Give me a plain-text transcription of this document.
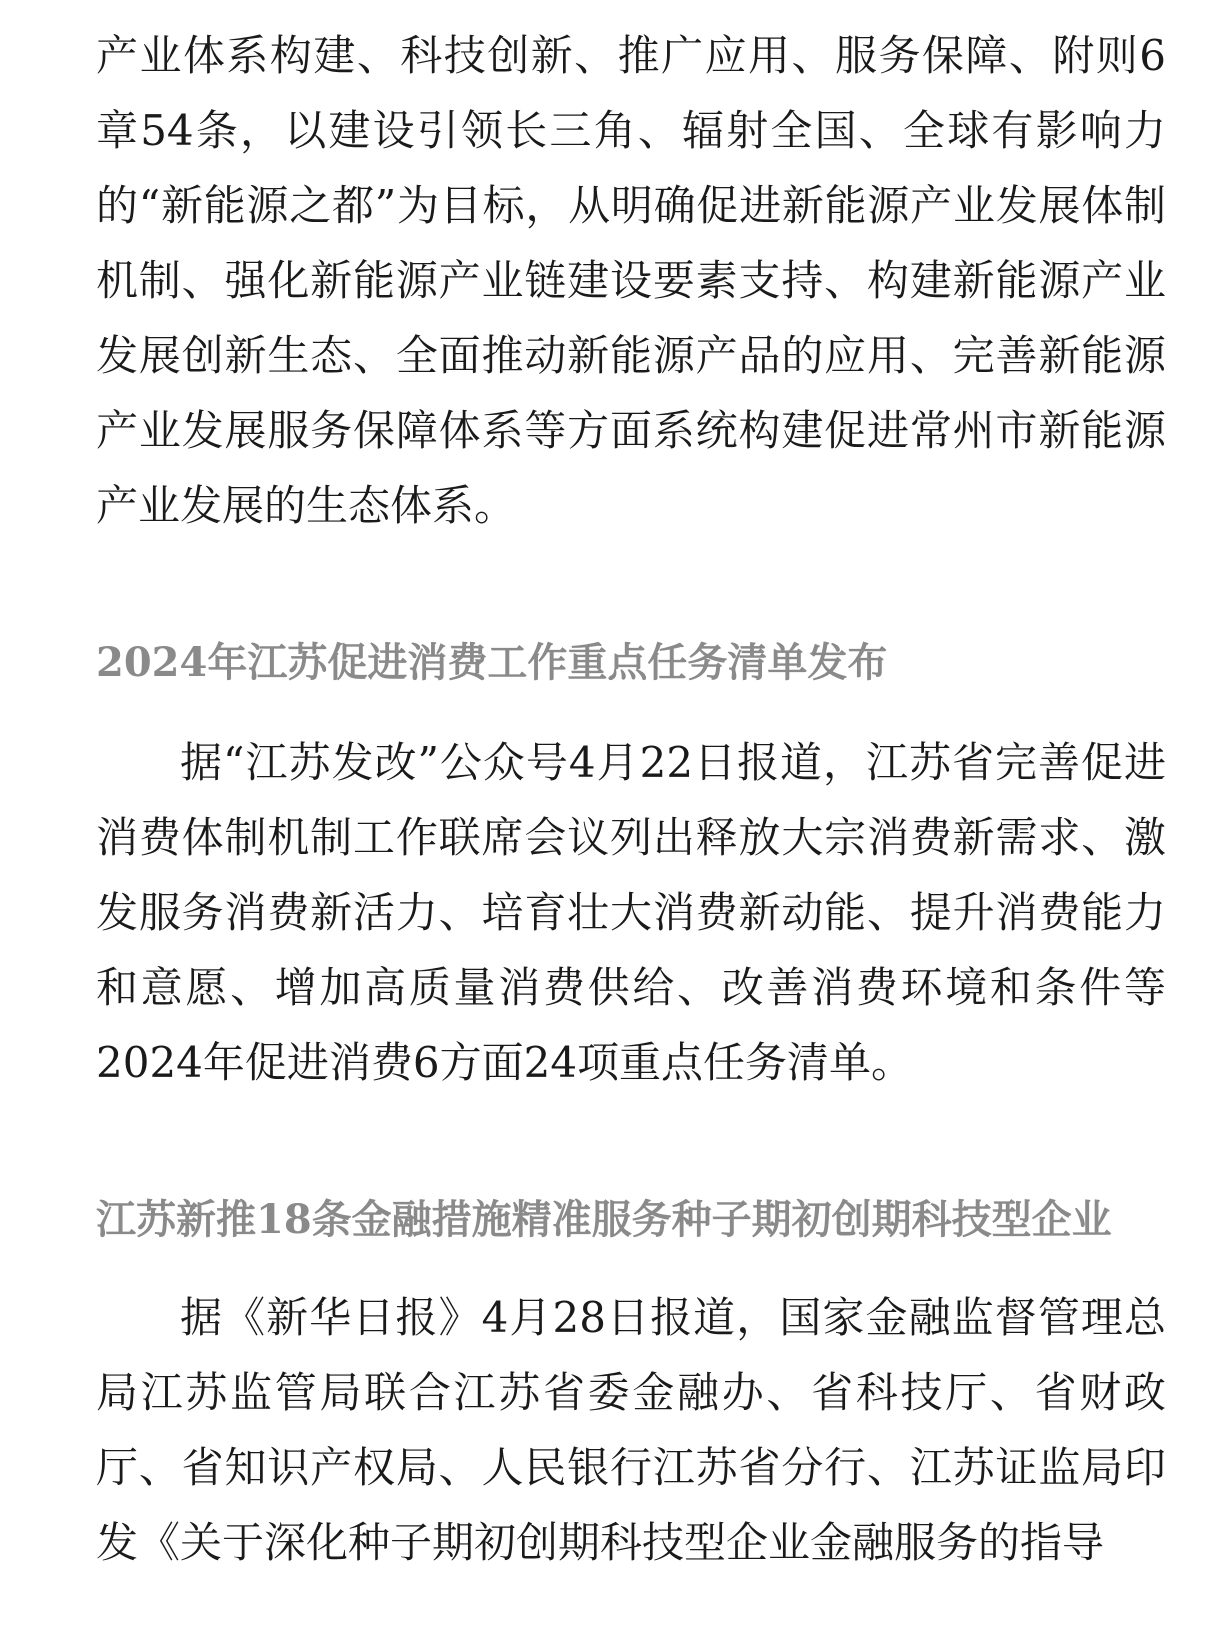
产业体系构建、科技创新、推广应用、服务保障、附则6章54条，以建设引领长三角、辐射全国、全球有影响力的“新能源之都”为目标，从明确促进新能源产业发展体制机制、强化新能源产业链建设要素支持、构建新能源产业发展创新生态、全面推动新能源产品的应用、完善新能源产业发展服务保障体系等方面系统构建促进常州市新能源产业发展的生态体系。

2024年江苏促进消费工作重点任务清单发布

据“江苏发改”公众号4月22日报道，江苏省完善促进消费体制机制工作联席会议列出释放大宗消费新需求、激发服务消费新活力、培育壮大消费新动能、提升消费能力和意愿、增加高质量消费供给、改善消费环境和条件等2024年促进消费6方面24项重点任务清单。

江苏新推18条金融措施精准服务种子期初创期科技型企业

据《新华日报》4月28日报道，国家金融监督管理总局江苏监管局联合江苏省委金融办、省科技厅、省财政厅、省知识产权局、人民银行江苏省分行、江苏证监局印发《关于深化种子期初创期科技型企业金融服务的指导
